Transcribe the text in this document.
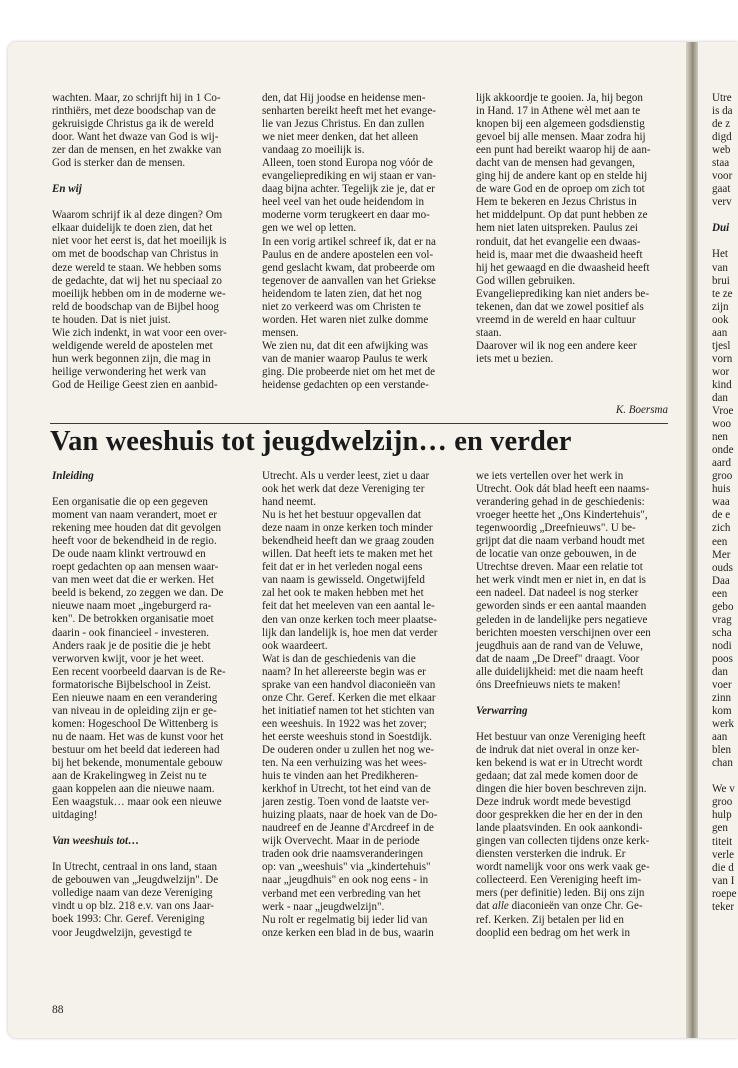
wachten. Maar, zo schrijft hij in 1 Co-
rinthiërs, met deze boodschap van de
gekruisigde Christus ga ik de wereld
door. Want het dwaze van God is wij-
zer dan de mensen, en het zwakke van
God is sterker dan de mensen.
En wij
Waarom schrijf ik al deze dingen? Om
elkaar duidelijk te doen zien, dat het
niet voor het eerst is, dat het moeilijk is
om met de boodschap van Christus in
deze wereld te staan. We hebben soms
de gedachte, dat wij het nu speciaal zo
moeilijk hebben om in de moderne we-
reld de boodschap van de Bijbel hoog
te houden. Dat is niet juist.
Wie zich indenkt, in wat voor een over-
weldigende wereld de apostelen met
hun werk begonnen zijn, die mag in
heilige verwondering het werk van
God de Heilige Geest zien en aanbid-
den, dat Hij joodse en heidense men-
senharten bereikt heeft met het evange-
lie van Jezus Christus. En dan zullen
we niet meer denken, dat het alleen
vandaag zo moeilijk is.
Alleen, toen stond Europa nog vóór de
evangelieprediking en wij staan er van-
daag bijna achter. Tegelijk zie je, dat er
heel veel van het oude heidendom in
moderne vorm terugkeert en daar mo-
gen we wel op letten.
In een vorig artikel schreef ik, dat er na
Paulus en de andere apostelen een vol-
gend geslacht kwam, dat probeerde om
tegenover de aanvallen van het Griekse
heidendom te laten zien, dat het nog
niet zo verkeerd was om Christen te
worden. Het waren niet zulke domme
mensen.
We zien nu, dat dit een afwijking was
van de manier waarop Paulus te werk
ging. Die probeerde niet om het met de
heidense gedachten op een verstande-
lijk akkoordje te gooien. Ja, hij begon
in Hand. 17 in Athene wèl met aan te
knopen bij een algemeen godsdienstig
gevoel bij alle mensen. Maar zodra hij
een punt had bereikt waarop hij de aan-
dacht van de mensen had gevangen,
ging hij de andere kant op en stelde hij
de ware God en de oproep om zich tot
Hem te bekeren en Jezus Christus in
het middelpunt. Op dat punt hebben ze
hem niet laten uitspreken. Paulus zei
ronduit, dat het evangelie een dwaas-
heid is, maar met die dwaasheid heeft
hij het gewaagd en die dwaasheid heeft
God willen gebruiken.
Evangelieprediking kan niet anders be-
tekenen, dan dat we zowel positief als
vreemd in de wereld en haar cultuur
staan.
Daarover wil ik nog een andere keer
iets met u bezien.
K. Boersma
Van weeshuis tot jeugdwelzijn… en verder
Inleiding
Een organisatie die op een gegeven
moment van naam verandert, moet er
rekening mee houden dat dit gevolgen
heeft voor de bekendheid in de regio.
De oude naam klinkt vertrouwd en
roept gedachten op aan mensen waar-
van men weet dat die er werken. Het
beeld is bekend, zo zeggen we dan. De
nieuwe naam moet „ingeburgerd ra-
ken". De betrokken organisatie moet
daarin - ook financieel - investeren.
Anders raak je de positie die je hebt
verworven kwijt, voor je het weet.
Een recent voorbeeld daarvan is de Re-
formatorische Bijbelschool in Zeist.
Een nieuwe naam en een verandering
van niveau in de opleiding zijn er ge-
komen: Hogeschool De Wittenberg is
nu de naam. Het was de kunst voor het
bestuur om het beeld dat iedereen had
bij het bekende, monumentale gebouw
aan de Krakelingweg in Zeist nu te
gaan koppelen aan die nieuwe naam.
Een waagstuk… maar ook een nieuwe
uitdaging!
Van weeshuis tot…
In Utrecht, centraal in ons land, staan
de gebouwen van „Jeugdwelzijn". De
volledige naam van deze Vereniging
vindt u op blz. 218 e.v. van ons Jaar-
boek 1993: Chr. Geref. Vereniging
voor Jeugdwelzijn, gevestigd te
Utrecht. Als u verder leest, ziet u daar
ook het werk dat deze Vereniging ter
hand neemt.
Nu is het het bestuur opgevallen dat
deze naam in onze kerken toch minder
bekendheid heeft dan we graag zouden
willen. Dat heeft iets te maken met het
feit dat er in het verleden nogal eens
van naam is gewisseld. Ongetwijfeld
zal het ook te maken hebben met het
feit dat het meeleven van een aantal le-
den van onze kerken toch meer plaatse-
lijk dan landelijk is, hoe men dat verder
ook waardeert.
Wat is dan de geschiedenis van die
naam? In het allereerste begin was er
sprake van een handvol diaconieën van
onze Chr. Geref. Kerken die met elkaar
het initiatief namen tot het stichten van
een weeshuis. In 1922 was het zover;
het eerste weeshuis stond in Soestdijk.
De ouderen onder u zullen het nog we-
ten. Na een verhuizing was het wees-
huis te vinden aan het Predikheren-
kerkhof in Utrecht, tot het eind van de
jaren zestig. Toen vond de laatste ver-
huizing plaats, naar de hoek van de Do-
naudreef en de Jeanne d'Arcdreef in de
wijk Overvecht. Maar in de periode
traden ook drie naamsveranderingen
op: van „weeshuis" via „kindertehuis"
naar „jeugdhuis" en ook nog eens - in
verband met een verbreding van het
werk - naar „jeugdwelzijn".
Nu rolt er regelmatig bij ieder lid van
onze kerken een blad in de bus, waarin
we iets vertellen over het werk in
Utrecht. Ook dát blad heeft een naams-
verandering gehad in de geschiedenis:
vroeger heette het „Ons Kindertehuis",
tegenwoordig „Dreefnieuws". U be-
grijpt dat die naam verband houdt met
de locatie van onze gebouwen, in de
Utrechtse dreven. Maar een relatie tot
het werk vindt men er niet in, en dat is
een nadeel. Dat nadeel is nog sterker
geworden sinds er een aantal maanden
geleden in de landelijke pers negatieve
berichten moesten verschijnen over een
jeugdhuis aan de rand van de Veluwe,
dat de naam „De Dreef" draagt. Voor
alle duidelijkheid: met die naam heeft
óns Dreefnieuws niets te maken!
Verwarring
Het bestuur van onze Vereniging heeft
de indruk dat niet overal in onze ker-
ken bekend is wat er in Utrecht wordt
gedaan; dat zal mede komen door de
dingen die hier boven beschreven zijn.
Deze indruk wordt mede bevestigd
door gesprekken die her en der in den
lande plaatsvinden. En ook aankondi-
gingen van collecten tijdens onze kerk-
diensten versterken die indruk. Er
wordt namelijk voor ons werk vaak ge-
collecteerd. Een Vereniging heeft im-
mers (per definitie) leden. Bij ons zijn
dat alle diaconieën van onze Chr. Ge-
ref. Kerken. Zij betalen per lid en
dooplid een bedrag om het werk in
Utre
is da
de z
digd
web
staa
voor
gaat
verv
Dui
Het
van
brui
te ze
zijn
ook
aan
tjesl
vorn
wor
kind
dan
Vroe
woo
nen
onde
aard
groo
huis
waa
de e
zich
een
Mer
ouds
Daa
een
gebo
vrag
scha
nodi
poos
dan
voer
zinn
kom
werk
aan
blen
chan
We v
groo
hulp
gen
titeit
verle
die d
van I
roepe
teker
88
